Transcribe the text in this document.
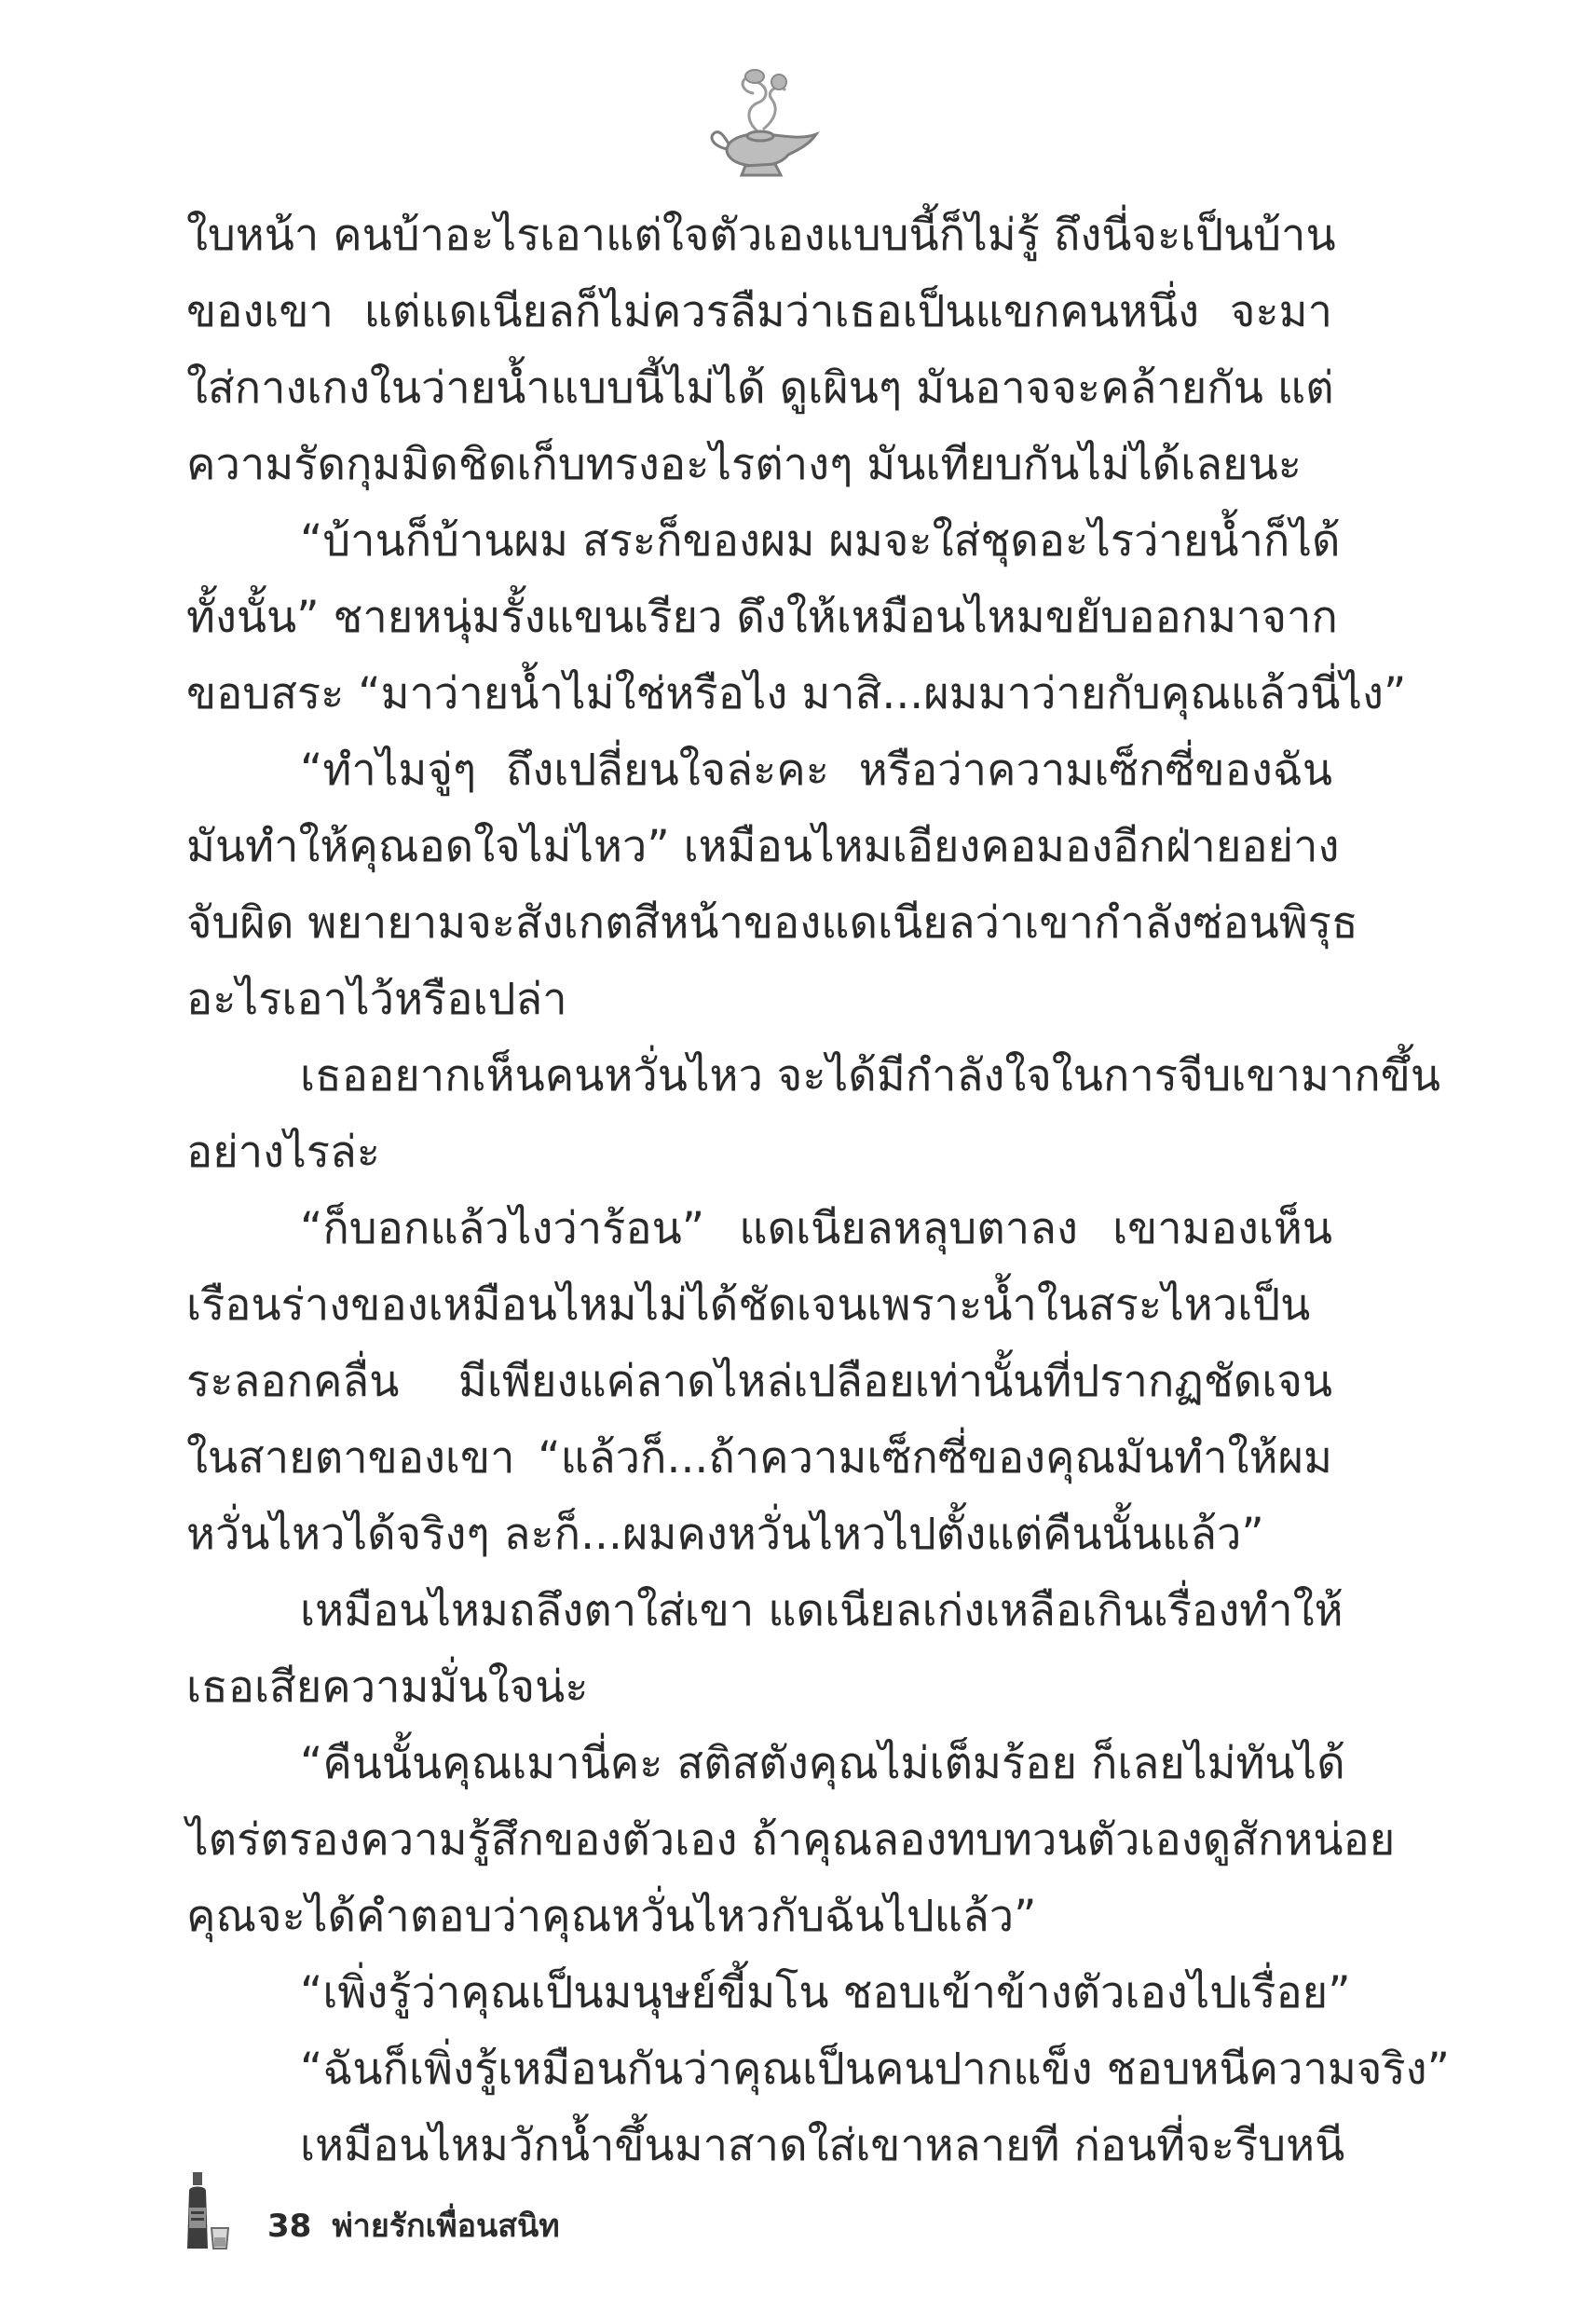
ใบหน้า คนบ้าอะไรเอาแต่ใจตัวเองแบบนี้ก็ไม่รู้ ถึงนี่จะเป็นบ้าน
ของเขา แต่แดเนียลก็ไม่ควรลืมว่าเธอเป็นแขกคนหนึ่ง จะมา
ใส่กางเกงในว่ายน้ำแบบนี้ไม่ได้ ดูเผินๆ มันอาจจะคล้ายกัน แต่
ความรัดกุมมิดชิดเก็บทรงอะไรต่างๆ มันเทียบกันไม่ได้เลยนะ
“บ้านก็บ้านผม สระก็ของผม ผมจะใส่ชุดอะไรว่ายน้ำก็ได้
ทั้งนั้น” ชายหนุ่มรั้งแขนเรียว ดึงให้เหมือนไหมขยับออกมาจาก
ขอบสระ “มาว่ายน้ำไม่ใช่หรือไง มาสิ...ผมมาว่ายกับคุณแล้วนี่ไง”
“ทำไมจู่ๆ ถึงเปลี่ยนใจล่ะคะ หรือว่าความเซ็กซี่ของฉัน
มันทำให้คุณอดใจไม่ไหว” เหมือนไหมเอียงคอมองอีกฝ่ายอย่าง
จับผิด พยายามจะสังเกตสีหน้าของแดเนียลว่าเขากำลังซ่อนพิรุธ
อะไรเอาไว้หรือเปล่า
เธออยากเห็นคนหวั่นไหว จะได้มีกำลังใจในการจีบเขามากขึ้น
อย่างไรล่ะ
“ก็บอกแล้วไงว่าร้อน” แดเนียลหลุบตาลง เขามองเห็น
เรือนร่างของเหมือนไหมไม่ได้ชัดเจนเพราะน้ำในสระไหวเป็น
ระลอกคลื่น มีเพียงแค่ลาดไหล่เปลือยเท่านั้นที่ปรากฏชัดเจน
ในสายตาของเขา “แล้วก็...ถ้าความเซ็กซี่ของคุณมันทำให้ผม
หวั่นไหวได้จริงๆ ละก็...ผมคงหวั่นไหวไปตั้งแต่คืนนั้นแล้ว”
เหมือนไหมถลึงตาใส่เขา แดเนียลเก่งเหลือเกินเรื่องทำให้
เธอเสียความมั่นใจน่ะ
“คืนนั้นคุณเมานี่คะ สติสตังคุณไม่เต็มร้อย ก็เลยไม่ทันได้
ไตร่ตรองความรู้สึกของตัวเอง ถ้าคุณลองทบทวนตัวเองดูสักหน่อย
คุณจะได้คำตอบว่าคุณหวั่นไหวกับฉันไปแล้ว”
“เพิ่งรู้ว่าคุณเป็นมนุษย์ขี้มโน ชอบเข้าข้างตัวเองไปเรื่อย”
“ฉันก็เพิ่งรู้เหมือนกันว่าคุณเป็นคนปากแข็ง ชอบหนีความจริง”
เหมือนไหมวักน้ำขึ้นมาสาดใส่เขาหลายที ก่อนที่จะรีบหนี
38 พ่ายรักเพื่อนสนิท
